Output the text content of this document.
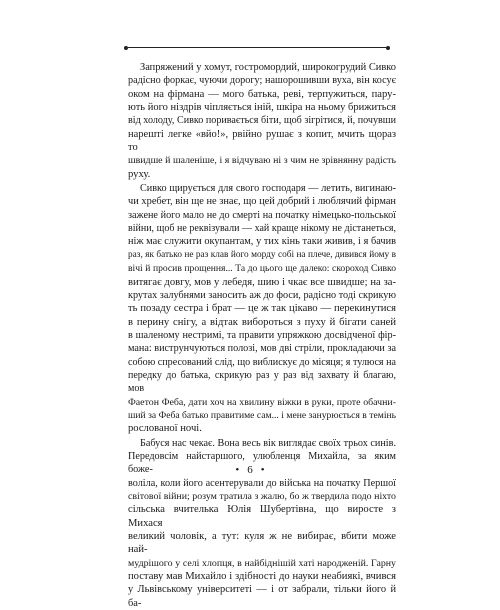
Запряжений у хомут, гостромордий, широкогрудий Сивко

радісно форкає, чуючи дорогу; нашорошивши вуха, він косує

оком на фірмана — мого батька, реві, терпужиться, пару-

ють його ніздрів чіпляється іній, шкіра на ньому брижиться

від холоду, Сивко поривається біти, щоб зігрітися, й, почувши

нарешті легке «вйо!», рвійно рушає з копит, мчить щораз то

швидше й шаленіше, і я відчуваю ні з чим не зрівнянну радість

руху.

Сивко щирується для свого господаря — летить, вигинаю-

чи хребет, він ще не знає, що цей добрий і люблячий фірман

зажене його мало не до смерті на початку німецько-польської

війни, щоб не реквізували — хай краще нікому не дістанеться,

ніж має служити окупантам, у тих кінь таки живив, і я бачив

раз, як батько не раз клав його морду собі на плече, дивився йому в

вічі й просив прощення... Та до цього ще далеко: скороход Сивко

витягає довгу, мов у лебедя, шию і чкає все швидше; на за-

крутах залубнями заносить аж до фоси, радісно тоді скрикую

ть позаду сестра і брат — це ж так цікаво — перекинутися

в перину снігу, а відтак вибороться з пуху й бігати саней

в шаленому нестримі, та правити упряжкою досвідченої фір-

мана: виструнчуються полозі, мов дві стріли, прокладаючи за

собою спресований слід, що виблискує до місяця; я тулюся на

передку до батька, скрикую раз у раз від захвату й благаю, мов

Фаетон Феба, дати хоч на хвилину віжки в руки, проте обачни-

ший за Феба батько правитиме сам... і мене занурюється в темінь

рослованої ночі.

Бабуся нас чекає. Вона весь вік виглядає своїх трьох синів.

Передовсім найстаршого, улюбленця Михайла, за яким боже-

воліла, коли його асентерували до війська на початку Першої

світової війни; розум тратила з жалю, бо ж твердила подо ніхто

сільська вчителька Юлія Шубертівна, що виросте з Михася

великий чоловік, а тут: куля ж не вибирає, вбити може най-

мудрішого у селі хлопця, в найбіднішій хаті народженій. Гарну

поставу мав Михайло і здібності до науки неабиякі, вчився

у Львівському університеті — і от забрали, тільки його й ба-

• 6 •
